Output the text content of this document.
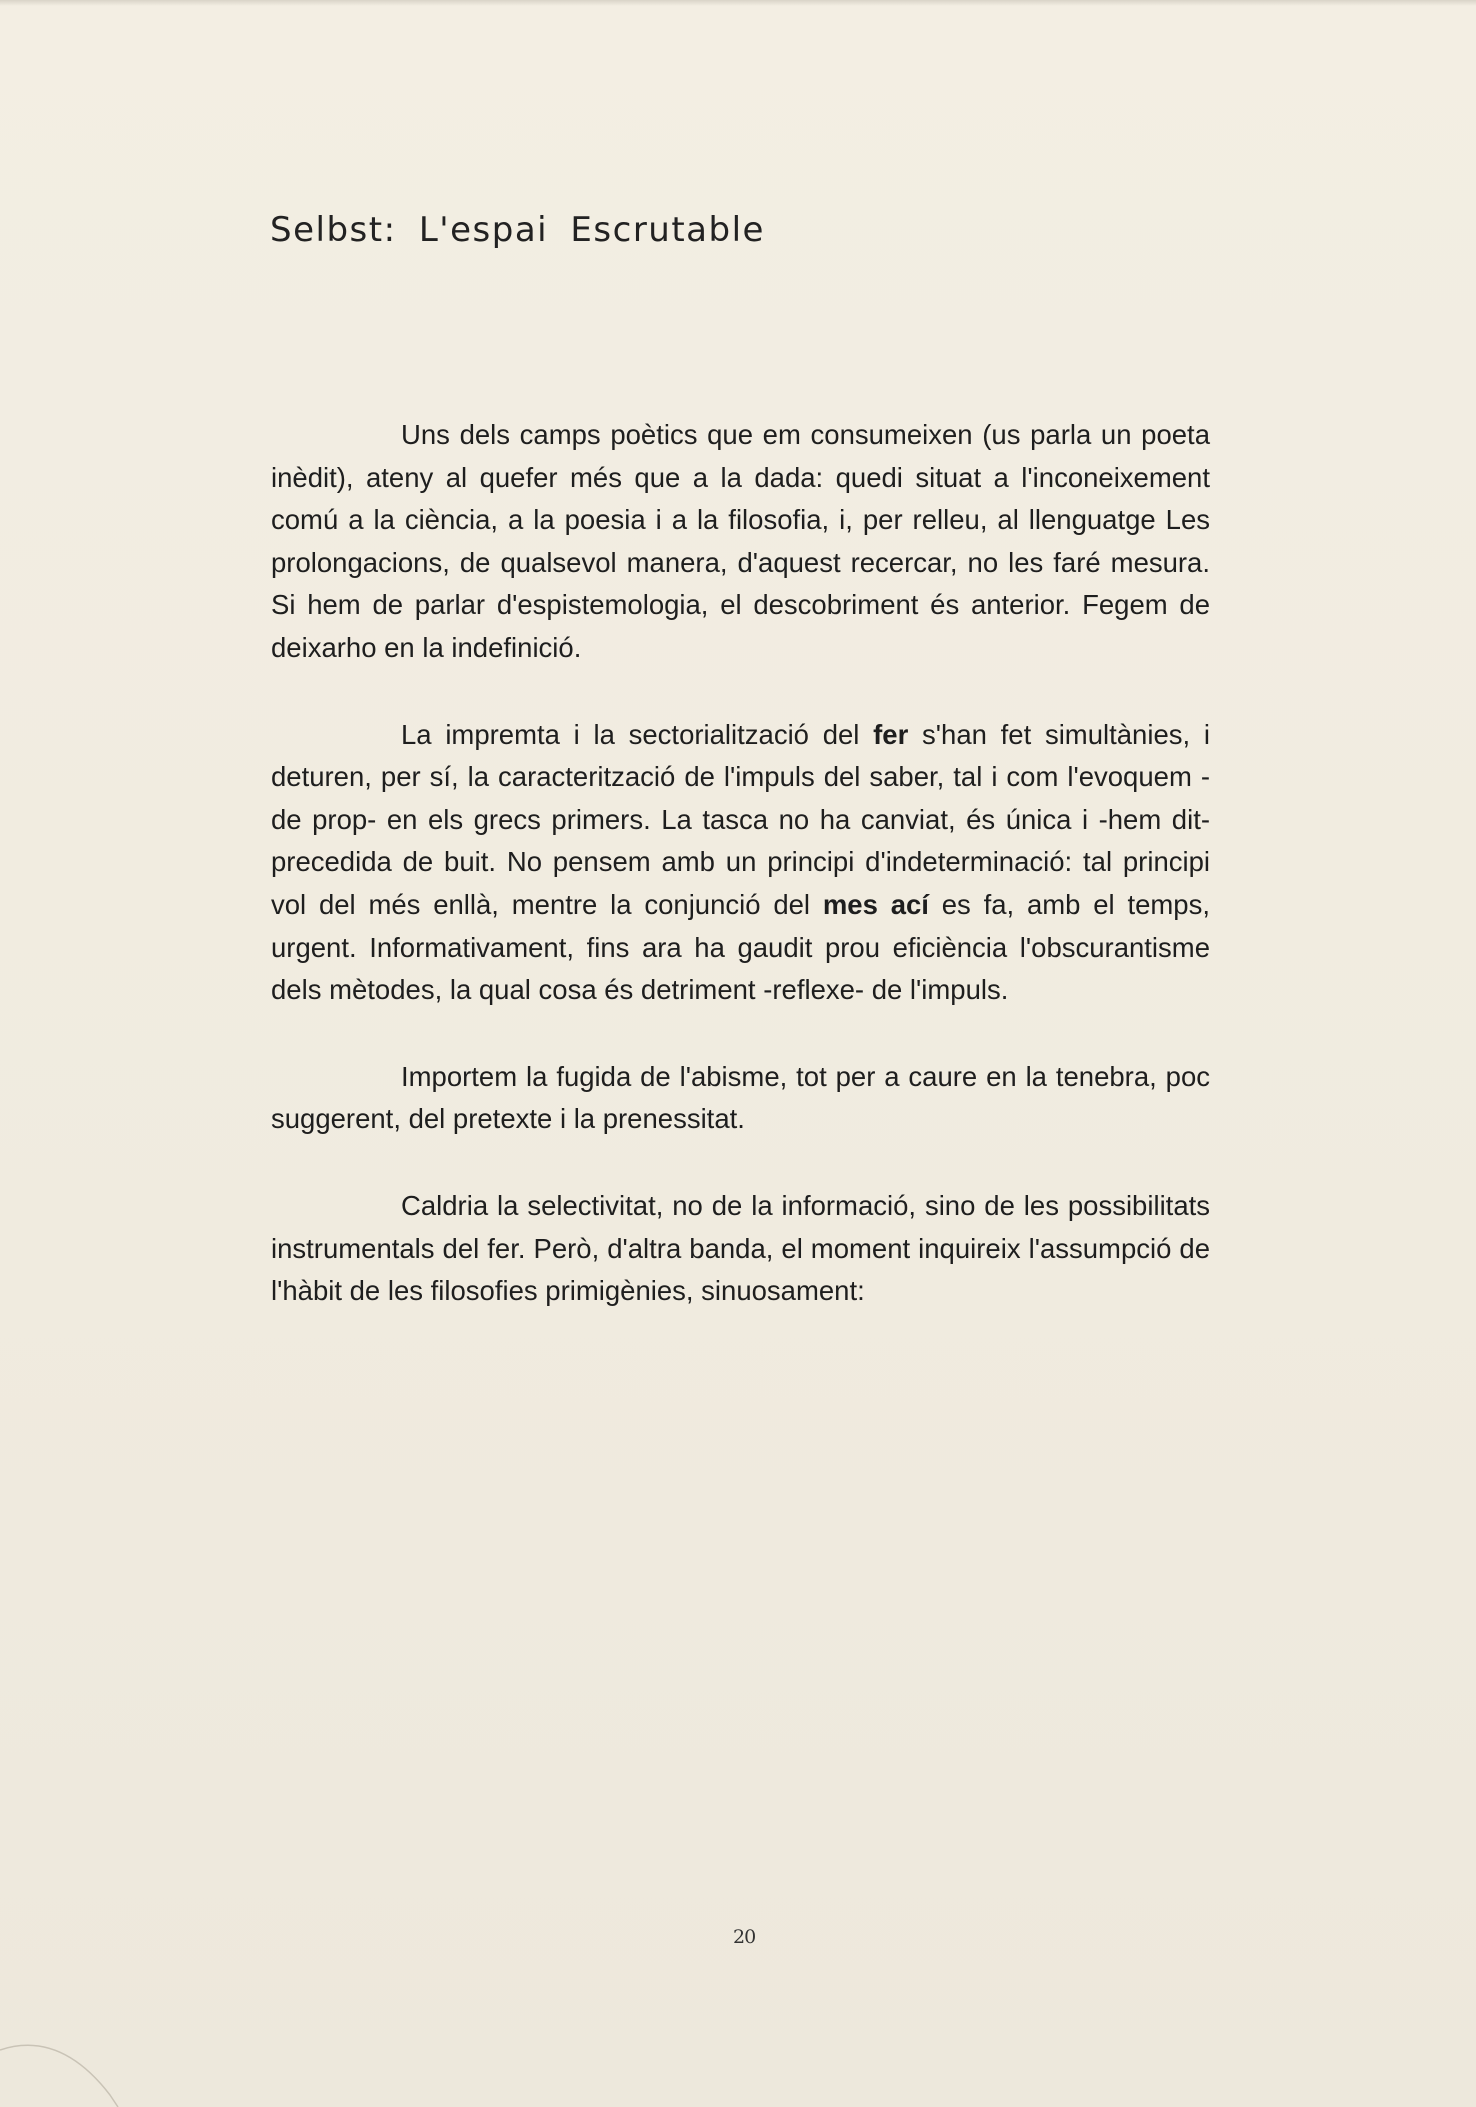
Selbst: L'espai Escrutable

Uns dels camps poètics que em consumeixen (us parla un poeta inèdit), ateny al quefer més que a la dada: quedi situat a l'inconeixement comú a la ciència, a la poesia i a la filosofia, i, per relleu, al llenguatge Les prolongacions, de qualsevol manera, d'aquest recercar, no les faré mesura. Si hem de parlar d'espistemologia, el descobriment és anterior. Fegem de deixarho en la indefinició.

La impremta i la sectorialització del fer s'han fet simultànies, i deturen, per sí, la caracterització de l'impuls del saber, tal i com l'evoquem -de prop- en els grecs primers. La tasca no ha canviat, és única i -hem dit- precedida de buit. No pensem amb un principi d'indeterminació: tal principi vol del més enllà, mentre la conjunció del mes ací es fa, amb el temps, urgent. Informativament, fins ara ha gaudit prou eficiència l'obscurantisme dels mètodes, la qual cosa és detriment -reflexe- de l'impuls.

Importem la fugida de l'abisme, tot per a caure en la tenebra, poc suggerent, del pretexte i la prenessitat.

Caldria la selectivitat, no de la informació, sino de les possibilitats instrumentals del fer. Però, d'altra banda, el moment inquireix l'assumpció de l'hàbit de les filosofies primigènies, sinuosament:

20
